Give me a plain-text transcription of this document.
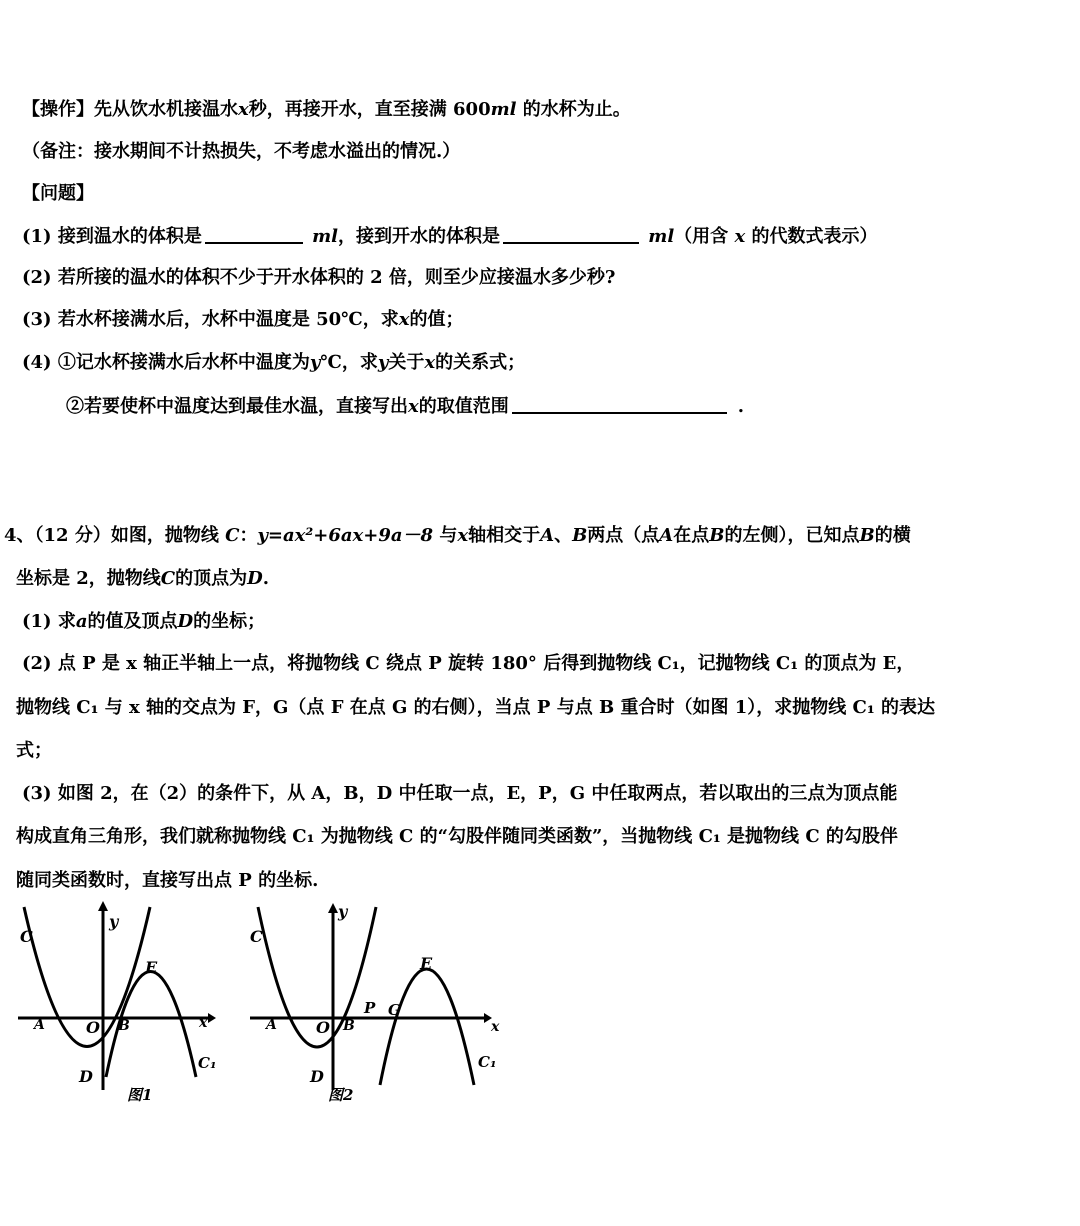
【操作】先从饮水机接温水x秒，再接开水，直至接满 600ml 的水杯为止。
（备注：接水期间不计热损失，不考虑水溢出的情况.）
【问题】
(1) 接到温水的体积是	ml，接到开水的体积是	ml（用含 x 的代数式表示）
(2) 若所接的温水的体积不少于开水体积的 2 倍，则至少应接温水多少秒?
(3) 若水杯接满水后，水杯中温度是 50℃，求x的值；
(4) ①记水杯接满水后水杯中温度为y℃，求y关于x的关系式；
②若要使杯中温度达到最佳水温，直接写出x的取值范围	.
4、（12 分）如图，抛物线 C：y=ax²+6ax+9a－8 与x轴相交于A、B两点（点A在点B的左侧），已知点B的横
坐标是 2，抛物线C的顶点为D.
(1) 求a的值及顶点D的坐标；
(2) 点 P 是 x 轴正半轴上一点，将抛物线 C 绕点 P 旋转 180° 后得到抛物线 C₁，记抛物线 C₁ 的顶点为 E，
抛物线 C₁ 与 x 轴的交点为 F，G（点 F 在点 G 的右侧），当点 P 与点 B 重合时（如图 1），求抛物线 C₁ 的表达
式；
(3) 如图 2，在（2）的条件下，从 A，B，D 中任取一点，E，P，G 中任取两点，若以取出的三点为顶点能
构成直角三角形，我们就称抛物线 C₁ 为抛物线 C 的“勾股伴随同类函数”，当抛物线 C₁ 是抛物线 C 的勾股伴
随同类函数时，直接写出点 P 的坐标.
C
y
E
A	O B	x
D
C₁
图1
C
y
E
A O B
P G
x
D
C₁
图2
